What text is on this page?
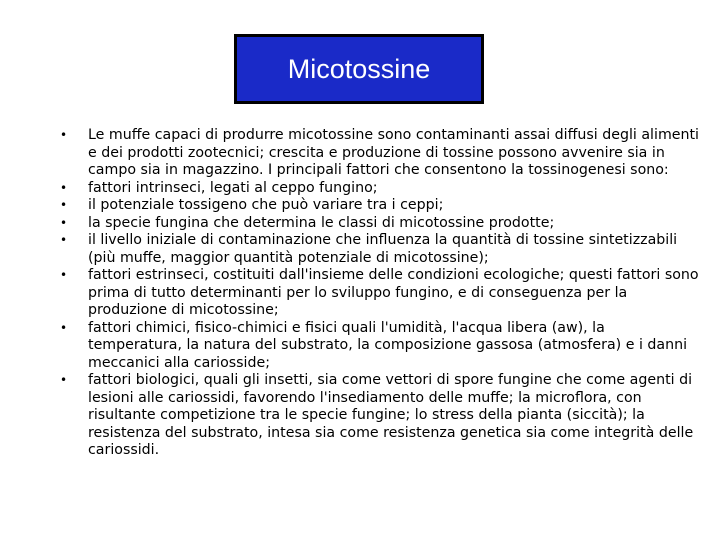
Micotossine
• Le muffe capaci di produrre micotossine sono contaminanti assai diffusi degli alimenti e dei prodotti zootecnici; crescita e produzione di tossine possono avvenire sia in campo sia in magazzino. I principali fattori che consentono la tossinogenesi sono:
• fattori intrinseci, legati al ceppo fungino;
• il potenziale tossigeno che può variare tra i ceppi;
• la specie fungina che determina le classi di micotossine prodotte;
• il livello iniziale di contaminazione che influenza la quantità di tossine sintetizzabili (più muffe, maggior quantità potenziale di micotossine);
• fattori estrinseci, costituiti dall'insieme delle condizioni ecologiche; questi fattori sono prima di tutto determinanti per lo sviluppo fungino, e di conseguenza per la produzione di micotossine;
• fattori chimici, fisico-chimici e fisici quali l'umidità, l'acqua libera (aw), la temperatura, la natura del substrato, la composizione gassosa (atmosfera) e i danni meccanici alla cariosside;
• fattori biologici, quali gli insetti, sia come vettori di spore fungine che come agenti di lesioni alle cariossidi, favorendo l'insediamento delle muffe; la microflora, con risultante competizione tra le specie fungine; lo stress della pianta (siccità); la resistenza del substrato, intesa sia come resistenza genetica sia come integrità delle cariossidi.
